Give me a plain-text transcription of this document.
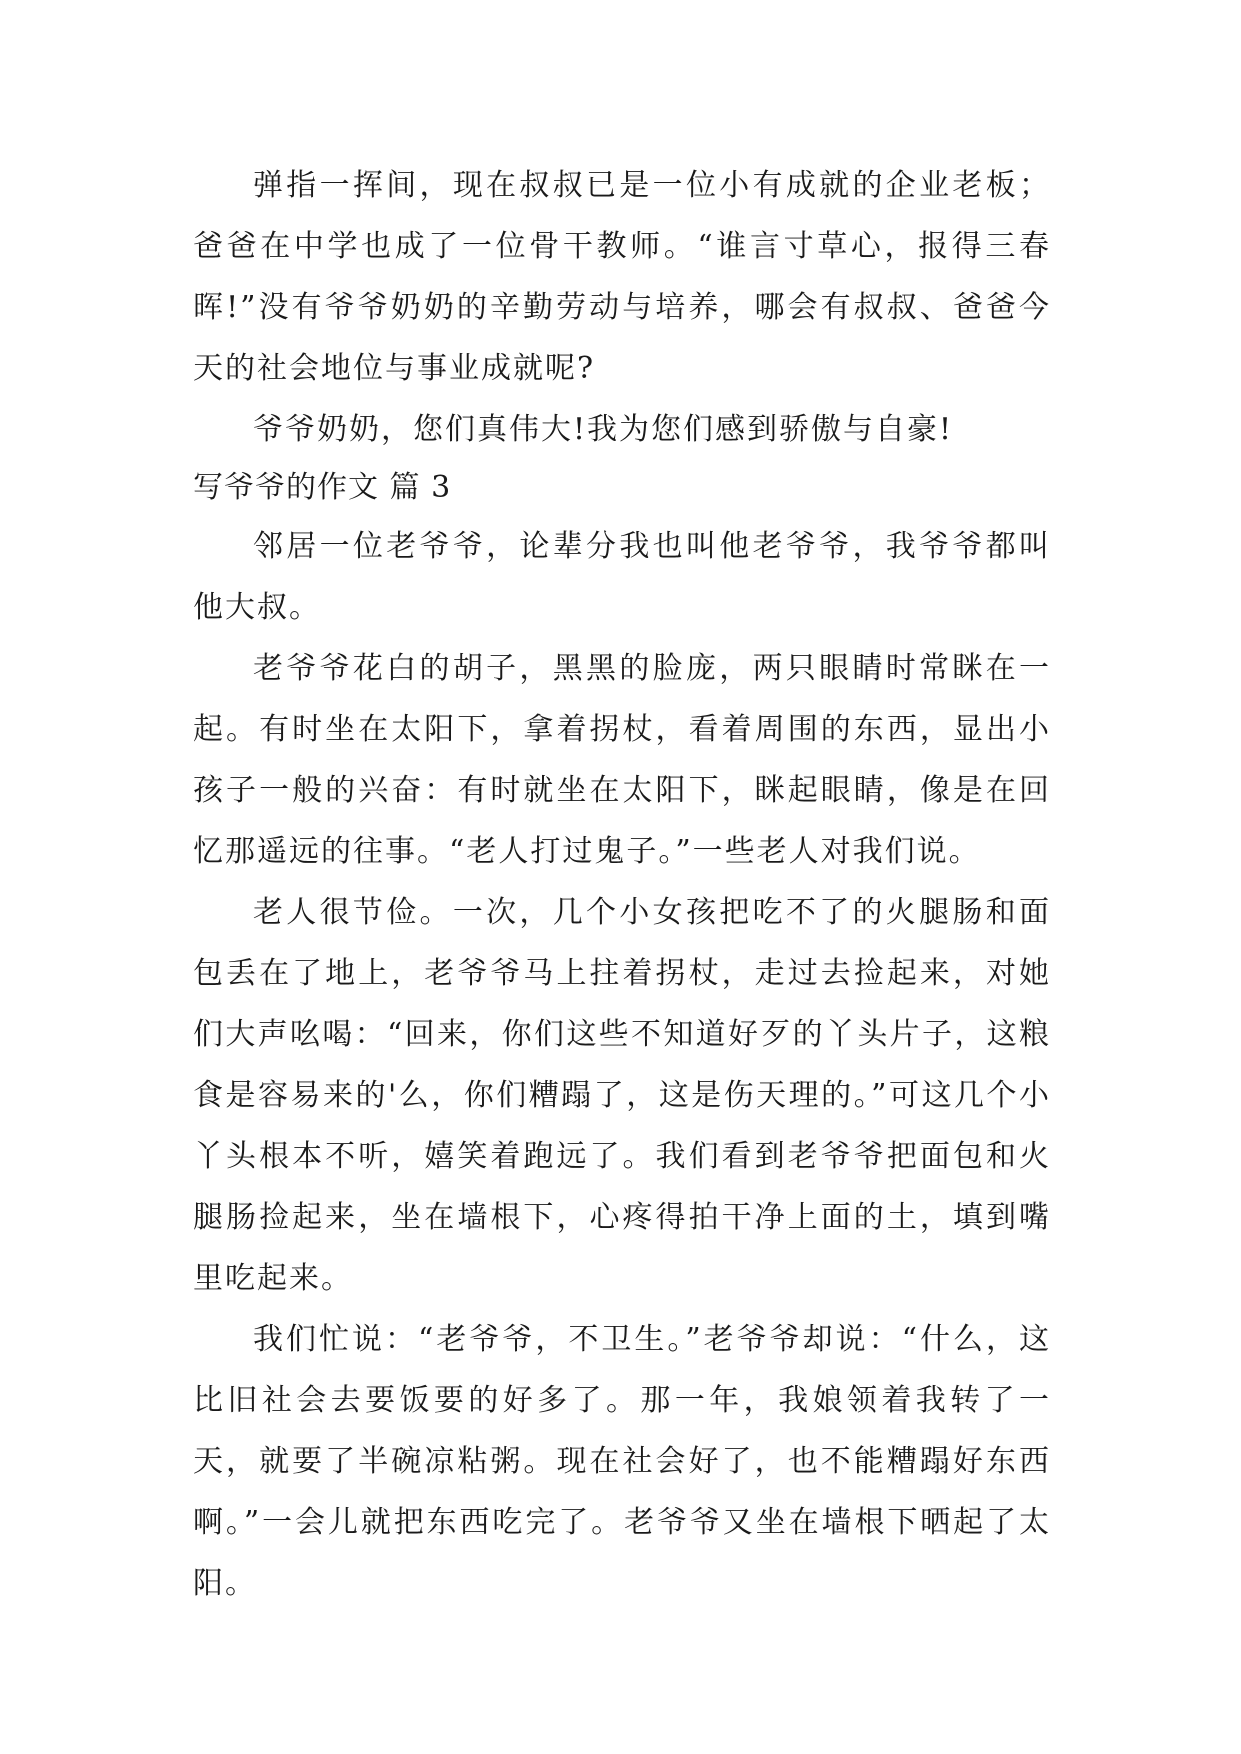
弹指一挥间，现在叔叔已是一位小有成就的企业老板；爸爸在中学也成了一位骨干教师。“谁言寸草心，报得三春晖!”没有爷爷奶奶的辛勤劳动与培养，哪会有叔叔、爸爸今天的社会地位与事业成就呢?

爷爷奶奶，您们真伟大!我为您们感到骄傲与自豪!

写爷爷的作文 篇 3

邻居一位老爷爷，论辈分我也叫他老爷爷，我爷爷都叫他大叔。

老爷爷花白的胡子，黑黑的脸庞，两只眼睛时常眯在一起。有时坐在太阳下，拿着拐杖，看着周围的东西，显出小孩子一般的兴奋：有时就坐在太阳下，眯起眼睛，像是在回忆那遥远的往事。“老人打过鬼子。”一些老人对我们说。

老人很节俭。一次，几个小女孩把吃不了的火腿肠和面包丢在了地上，老爷爷马上拄着拐杖，走过去捡起来，对她们大声吆喝：“回来，你们这些不知道好歹的丫头片子，这粮食是容易来的'么，你们糟蹋了，这是伤天理的。”可这几个小丫头根本不听，嬉笑着跑远了。我们看到老爷爷把面包和火腿肠捡起来，坐在墙根下，心疼得拍干净上面的土，填到嘴里吃起来。

我们忙说：“老爷爷，不卫生。”老爷爷却说：“什么，这比旧社会去要饭要的好多了。那一年，我娘领着我转了一天，就要了半碗凉粘粥。现在社会好了，也不能糟蹋好东西啊。”一会儿就把东西吃完了。老爷爷又坐在墙根下晒起了太阳。
